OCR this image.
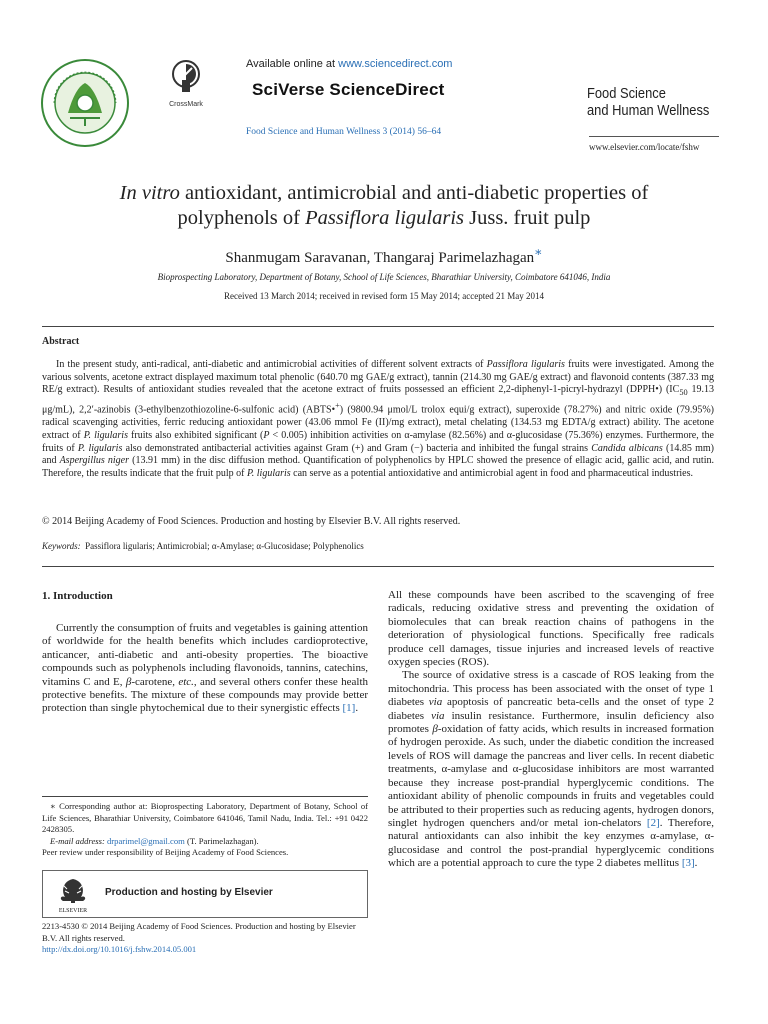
CrossMark
Available online at www.sciencedirect.com
SciVerse ScienceDirect
Food Science and Human Wellness 3 (2014) 56–64
Food Science
and Human Wellness
www.elsevier.com/locate/fshw
In vitro antioxidant, antimicrobial and anti-diabetic properties of
polyphenols of Passiflora ligularis Juss. fruit pulp
Shanmugam Saravanan, Thangaraj Parimelazhagan∗
Bioprospecting Laboratory, Department of Botany, School of Life Sciences, Bharathiar University, Coimbatore 641046, India
Received 13 March 2014; received in revised form 15 May 2014; accepted 21 May 2014
Abstract

In the present study, anti-radical, anti-diabetic and antimicrobial activities of different solvent extracts of Passiflora ligularis fruits were investigated. Among the various solvents, acetone extract displayed maximum total phenolic (640.70 mg GAE/g extract), tannin (214.30 mg GAE/g extract) and flavonoid contents (387.33 mg RE/g extract). Results of antioxidant studies revealed that the acetone extract of fruits possessed an efficient 2,2-diphenyl-1-picryl-hydrazyl (DPPH•) ($IC_{50}$ 19.13 μg/mL), 2,2′-azinobis (3-ethylbenzothiozoline-6-sulfonic acid) (ABTS•+) (9800.94 μmol/L trolox equi/g extract), superoxide (78.27%) and nitric oxide (79.95%) radical scavenging activities, ferric reducing antioxidant power (43.06 mmol Fe (II)/mg extract), metal chelating (134.53 mg EDTA/g extract) ability. The acetone extract of P. ligularis fruits also exhibited significant (P < 0.005) inhibition activities on α-amylase (82.56%) and α-glucosidase (75.36%) enzymes. Furthermore, the fruits of P. ligularis also demonstrated antibacterial activities against Gram (+) and Gram (−) bacteria and inhibited the fungal strains Candida albicans (14.85 mm) and Aspergillus niger (13.91 mm) in the disc diffusion method. Quantification of polyphenolics by HPLC showed the presence of ellagic acid, gallic acid, and rutin. Therefore, the results indicate that the fruit pulp of P. ligularis can serve as a potential antioxidative and antimicrobial agent in food and pharmaceutical industries.

© 2014 Beijing Academy of Food Sciences. Production and hosting by Elsevier B.V. All rights reserved.
Keywords: Passiflora ligularis; Antimicrobial; α-Amylase; α-Glucosidase; Polyphenolics
1. Introduction

Currently the consumption of fruits and vegetables is gaining attention of worldwide for the health benefits which includes cardioprotective, anticancer, anti-diabetic and anti-obesity properties. The bioactive compounds such as polyphenols including flavonoids, tannins, catechins, vitamins C and E, β-carotene, etc., and several others confer these health protective benefits. The mixture of these compounds may provide better protection than single phytochemical due to their synergistic effects [1].

All these compounds have been ascribed to the scavenging of free radicals, reducing oxidative stress and preventing the oxidation of biomolecules that can break reaction chains of pathogens in the deterioration of physiological functions. Specifically free radicals produce cell damages, tissue injuries and increased levels of reactive oxygen species (ROS).

The source of oxidative stress is a cascade of ROS leaking from the mitochondria. This process has been associated with the onset of type 1 diabetes via apoptosis of pancreatic beta-cells and the onset of type 2 diabetes via insulin resistance. Furthermore, insulin deficiency also promotes β-oxidation of fatty acids, which results in increased formation of hydrogen peroxide. As such, under the diabetic condition the increased levels of ROS will damage the pancreas and liver cells. In recent diabetic treatments, α-amylase and α-glucosidase inhibitors are most warranted because they increase post-prandial hyperglycemic conditions. The antioxidant ability of phenolic compounds in fruits and vegetables could be attributed to their properties such as reducing agents, hydrogen donors, singlet hydrogen quenchers and/or metal ion-chelators [2]. Therefore, natural antioxidants can also inhibit the key enzymes α-amylase, α-glucosidase and control the post-prandial hyperglycemic conditions which are a potential approach to cure the type 2 diabetes mellitus [3].

∗ Corresponding author at: Bioprospecting Laboratory, Department of Botany, School of Life Sciences, Bharathiar University, Coimbatore 641046, Tamil Nadu, India. Tel.: +91 0422 2428305.

E-mail address: drparimel@gmail.com (T. Parimelazhagan).

Peer review under responsibility of Beijing Academy of Food Sciences.

ELSEVIER
Production and hosting by Elsevier

2213-4530 © 2014 Beijing Academy of Food Sciences. Production and hosting by Elsevier B.V. All rights reserved.

http://dx.doi.org/10.1016/j.fshw.2014.05.001
